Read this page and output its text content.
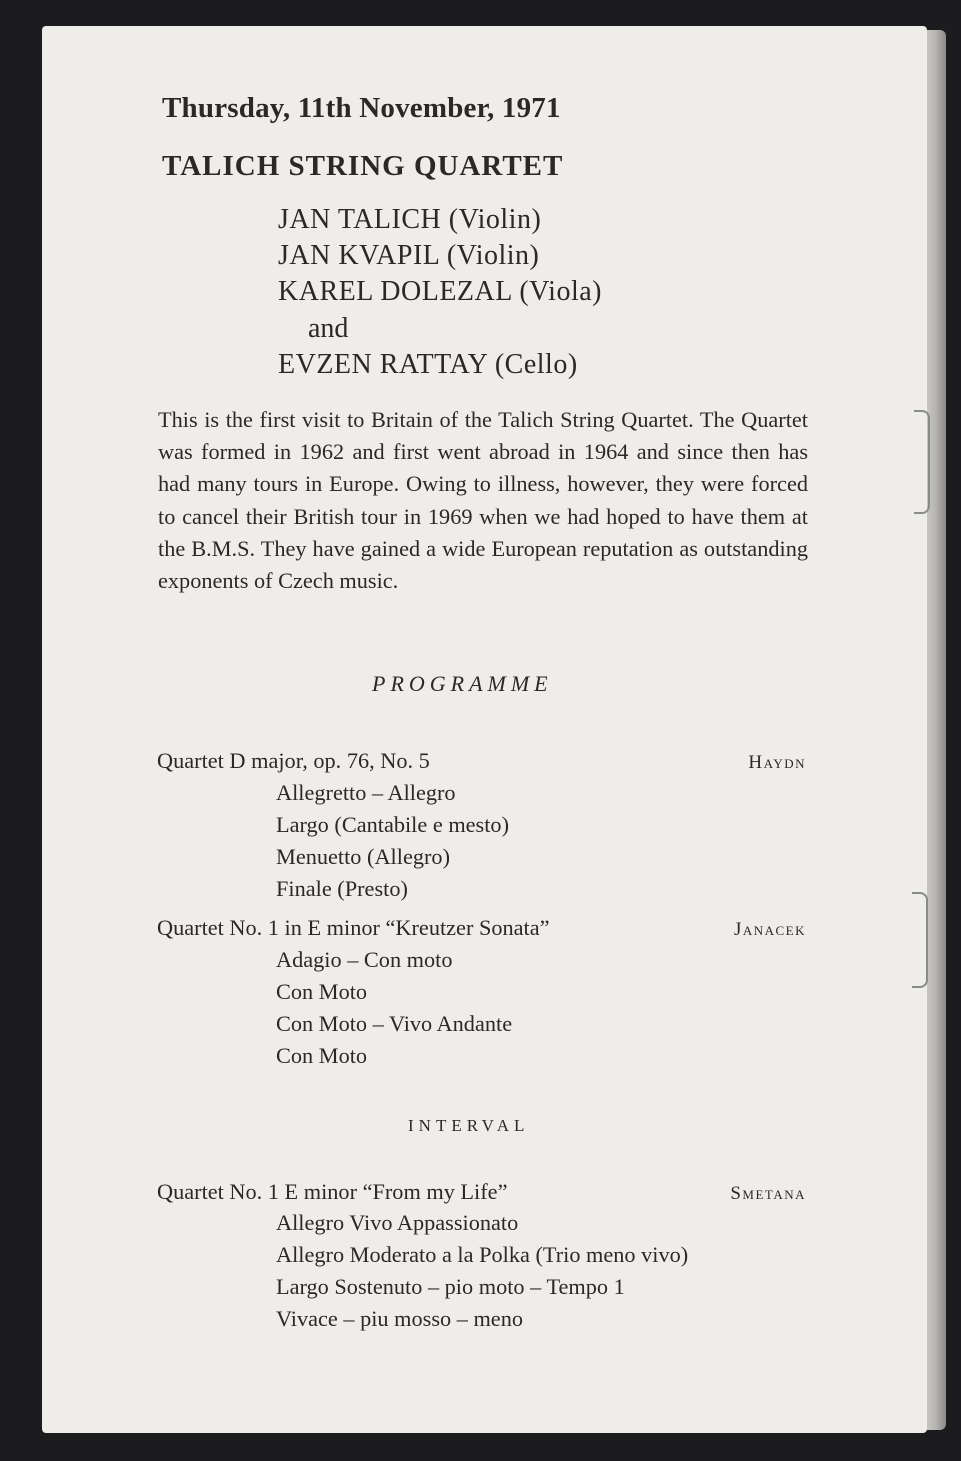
Thursday, 11th November, 1971
TALICH STRING QUARTET
JAN TALICH (Violin)
JAN KVAPIL (Violin)
KAREL DOLEZAL (Viola)
and
EVZEN RATTAY (Cello)
This is the first visit to Britain of the Talich String Quartet. The Quartet was formed in 1962 and first went abroad in 1964 and since then has had many tours in Europe. Owing to illness, however, they were forced to cancel their British tour in 1969 when we had hoped to have them at the B.M.S. They have gained a wide European reputation as outstanding exponents of Czech music.
PROGRAMME
Quartet D major, op. 76, No. 5	Haydn
Allegretto – Allegro
Largo (Cantabile e mesto)
Menuetto (Allegro)
Finale (Presto)
Quartet No. 1 in E minor “Kreutzer Sonata”	Janacek
Adagio – Con moto
Con Moto
Con Moto – Vivo Andante
Con Moto
INTERVAL
Quartet No. 1 E minor “From my Life”	Smetana
Allegro Vivo Appassionato
Allegro Moderato a la Polka (Trio meno vivo)
Largo Sostenuto – pio moto – Tempo 1
Vivace – piu mosso – meno
